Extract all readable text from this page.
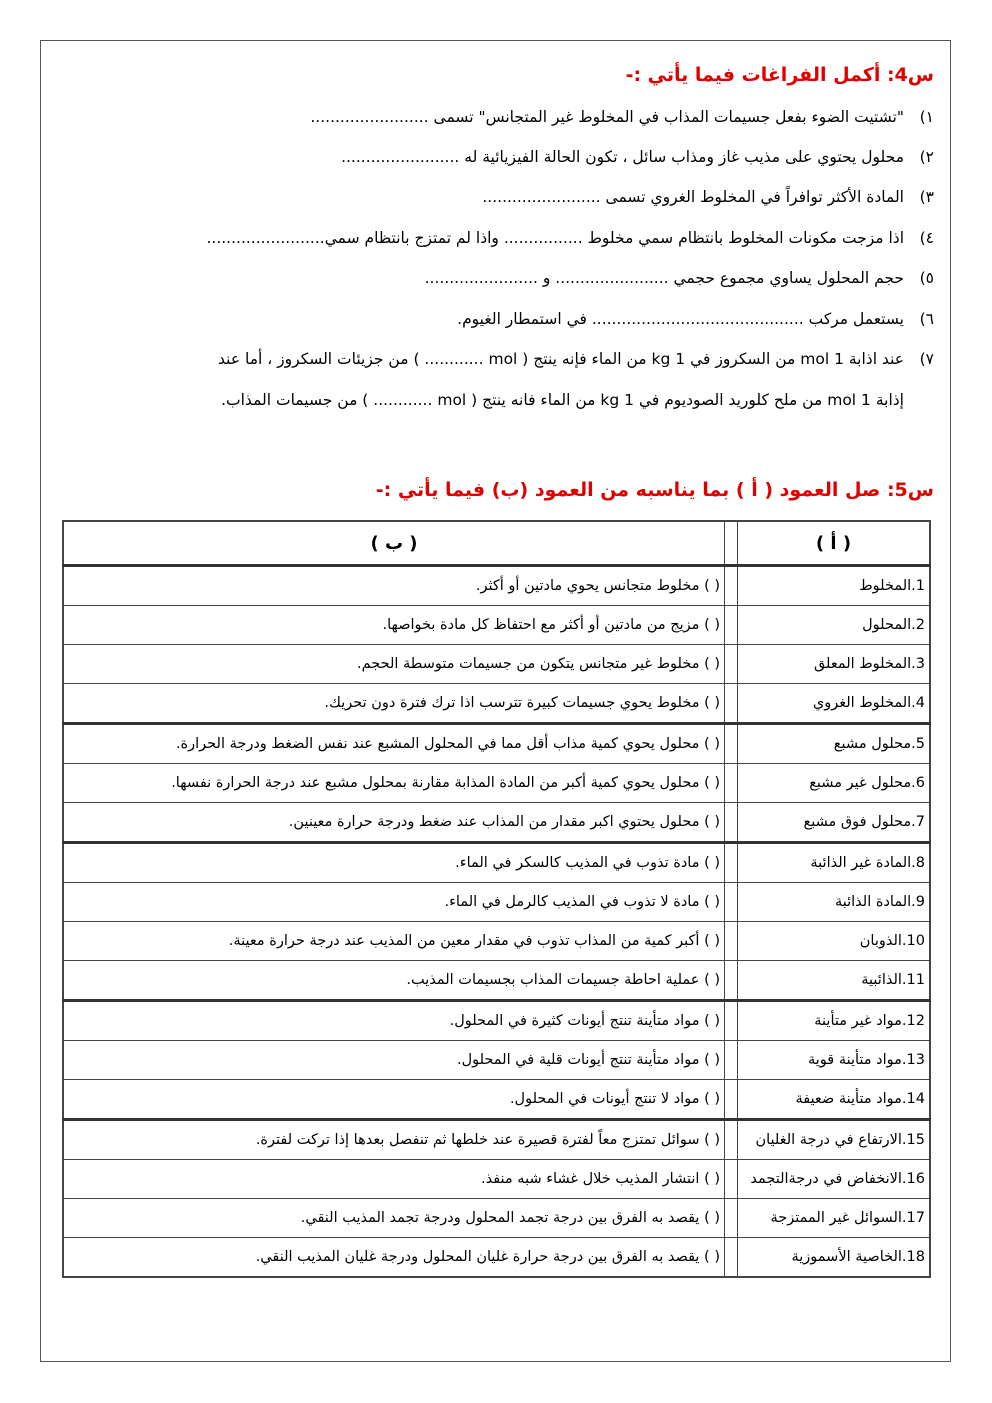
س4: أكمل الفراغات فيما يأتي :-
١)
"تشتيت الضوء بفعل جسيمات المذاب في المخلوط غير المتجانس" تسمى ........................
٢)
محلول يحتوي على مذيب غاز ومذاب سائل ، تكون الحالة الفيزيائية له ........................
٣)
المادة الأكثر توافراً في المخلوط الغروي تسمى ........................
٤)
اذا مزجت مكونات المخلوط بانتظام سمي مخلوط ................ واذا لم تمتزج بانتظام سمي........................
٥)
حجم المحلول يساوي مجموع حجمي ....................... و .......................
٦)
يستعمل مركب ........................................... في استمطار الغيوم.
٧)
عند اذابة 1 mol من السكروز في 1 kg من الماء فإنه ينتج ( mol ............ ) من جزيئات السكروز ، أما عند
إذابة 1 mol من ملح كلوريد الصوديوم في 1 kg من الماء فانه ينتج ( mol ............ ) من جسيمات المذاب.
س5: صل العمود ( أ ) بما يناسبه من العمود (ب) فيما يأتي :-
( أ )		( ب )
1.المخلوط		( ) مخلوط متجانس يحوي مادتين أو أكثر.
2.المحلول		( ) مزيج من مادتين أو أكثر مع احتفاظ كل مادة بخواصها.
3.المخلوط المعلق		( ) مخلوط غير متجانس يتكون من جسيمات متوسطة الحجم.
4.المخلوط الغروي		( ) مخلوط يحوي جسيمات كبيرة تترسب اذا ترك فترة دون تحريك.
5.محلول مشبع		( ) محلول يحوي كمية مذاب أقل مما في المحلول المشبع عند نفس الضغط ودرجة الحرارة.
6.محلول غير مشبع		( ) محلول يحوي كمية أكبر من المادة المذابة مقارنة بمحلول مشبع عند درجة الحرارة نفسها.
7.محلول فوق مشبع		( ) محلول يحتوي اكبر مقدار من المذاب عند ضغط ودرجة حرارة معينين.
8.المادة غير الذائبة		( ) مادة تذوب في المذيب كالسكر في الماء.
9.المادة الذائبة		( ) مادة لا تذوب في المذيب كالرمل في الماء.
10.الذوبان		( ) أكبر كمية من المذاب تذوب في مقدار معين من المذيب عند درجة حرارة معينة.
11.الذائبية		( ) عملية احاطة جسيمات المذاب بجسيمات المذيب.
12.مواد غير متأينة		( ) مواد متأينة تنتج أيونات كثيرة في المحلول.
13.مواد متأينة قوية		( ) مواد متأينة تنتج أيونات قلية في المحلول.
14.مواد متأينة ضعيفة		( ) مواد لا تنتج أيونات في المحلول.
15.الارتفاع في درجة الغليان		( ) سوائل تمتزج معاً لفترة قصيرة عند خلطها ثم تنفصل بعدها إذا تركت لفترة.
16.الانخفاض في درجةالتجمد		( ) انتشار المذيب خلال غشاء شبه منفذ.
17.السوائل غير الممتزجة		( ) يقصد به الفرق بين درجة تجمد المحلول ودرجة تجمد المذيب النقي.
18.الخاصية الأسموزية		( ) يقصد به الفرق بين درجة حرارة غليان المحلول ودرجة غليان المذيب النقي.
